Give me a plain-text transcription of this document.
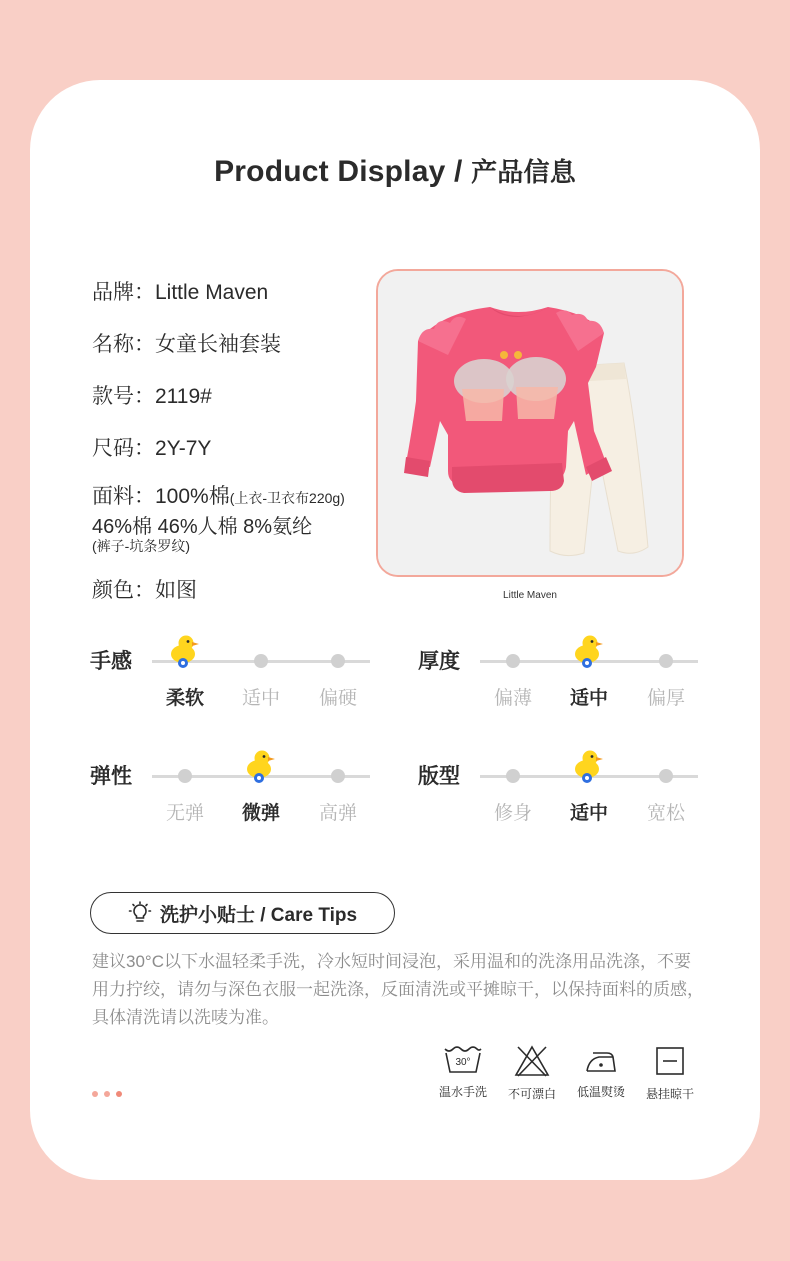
Product Display / 产品信息
品牌：Little Maven
名称：女童长袖套装
款号：2119#
尺码：2Y-7Y
面料：100%棉(上衣-卫衣布220g)
46%棉 46%人棉 8%氨纶
(裤子-坑条罗纹)
颜色：如图	Little Maven
手感
柔软	适中	偏硬
厚度
偏薄	适中	偏厚
弹性
无弹	微弹	高弹
版型
修身	适中	宽松
洗护小贴士 / Care Tips
建议30°C以下水温轻柔手洗，冷水短时间浸泡，采用温和的洗涤用品洗涤，不要用力拧绞，请勿与深色衣服一起洗涤，反面清洗或平摊晾干，以保持面料的质感，具体清洗请以洗唛为准。
30°
温水手洗	不可漂白	低温熨烫	悬挂晾干
